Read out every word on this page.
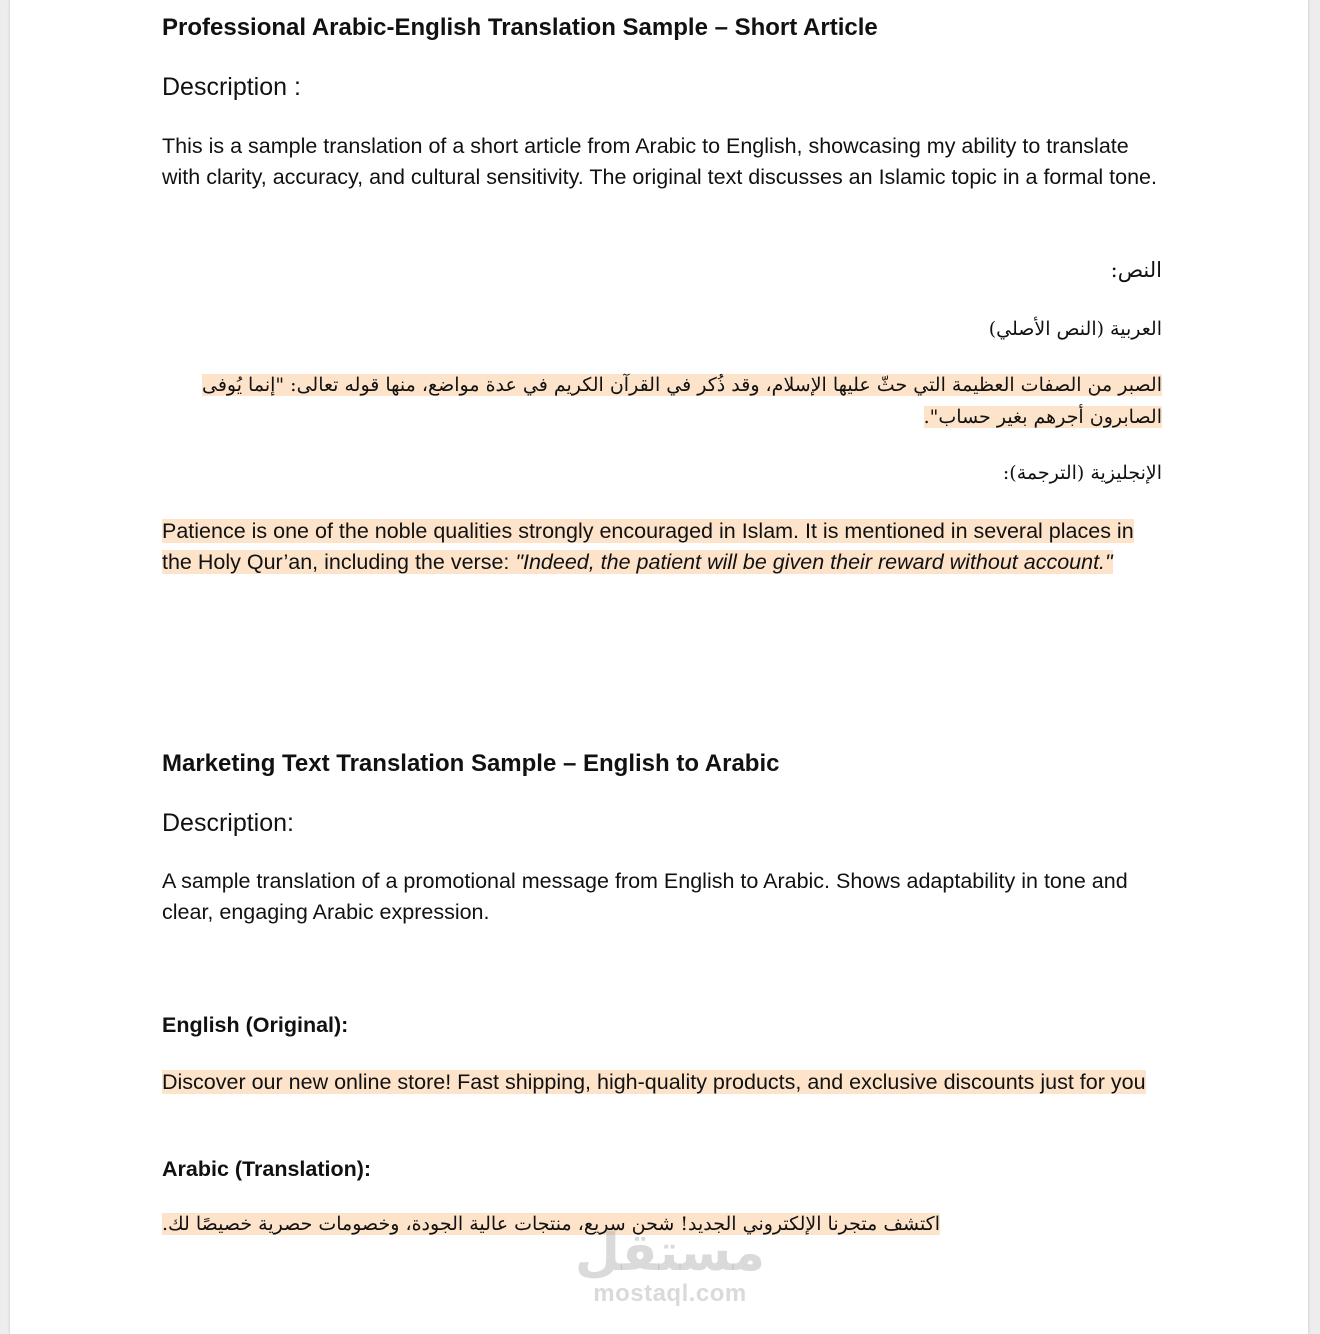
Professional Arabic-English Translation Sample – Short Article
Description :
This is a sample translation of a short article from Arabic to English, showcasing my ability to translate with clarity, accuracy, and cultural sensitivity. The original text discusses an Islamic topic in a formal tone.
النص:
العربية (النص الأصلي)
الصبر من الصفات العظيمة التي حثّ عليها الإسلام، وقد ذُكر في القرآن الكريم في عدة مواضع، منها قوله تعالى: "إنما يُوفى الصابرون أجرهم بغير حساب".
الإنجليزية (الترجمة):
Patience is one of the noble qualities strongly encouraged in Islam. It is mentioned in several places in the Holy Qur’an, including the verse: "Indeed, the patient will be given their reward without account."
Marketing Text Translation Sample – English to Arabic
Description:
A sample translation of a promotional message from English to Arabic. Shows adaptability in tone and clear, engaging Arabic expression.
English (Original):
Discover our new online store! Fast shipping, high-quality products, and exclusive discounts just for you
Arabic (Translation):
اكتشف متجرنا الإلكتروني الجديد! شحن سريع، منتجات عالية الجودة، وخصومات حصرية خصيصًا لك.
مستقل
mostaql.com
